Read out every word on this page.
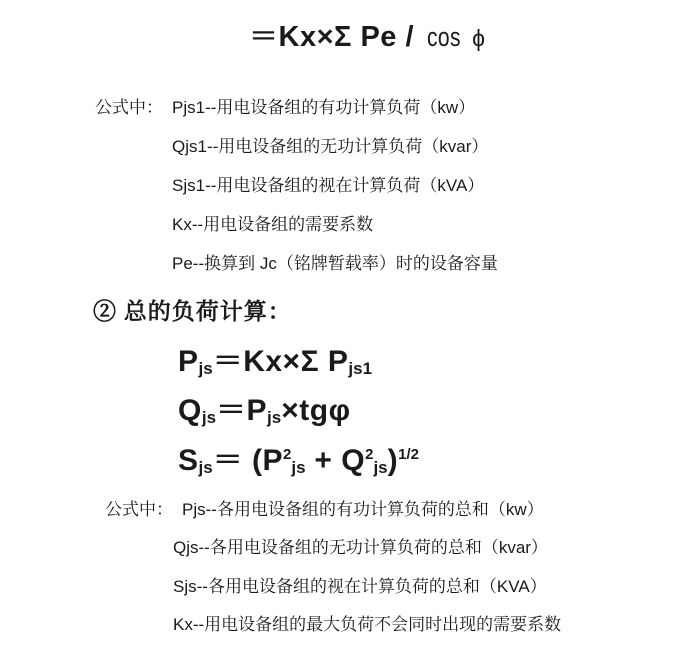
＝Kx×Σ Pe / cos ϕ
公式中： Pjs1--用电设备组的有功计算负荷（kw）
Qjs1--用电设备组的无功计算负荷（kvar）
Sjs1--用电设备组的视在计算负荷（kVA）
Kx--用电设备组的需要系数
Pe--换算到 Jc（铭牌暂载率）时的设备容量
② 总的负荷计算：
Pjs＝Kx×Σ Pjs1
Qjs＝Pjs×tgφ
$Sjs= (P^2js + Q^2js)^{1/2}$
公式中： Pjs--各用电设备组的有功计算负荷的总和（kw）
Qjs--各用电设备组的无功计算负荷的总和（kvar）
Sjs--各用电设备组的视在计算负荷的总和（KVA）
Kx--用电设备组的最大负荷不会同时出现的需要系数
